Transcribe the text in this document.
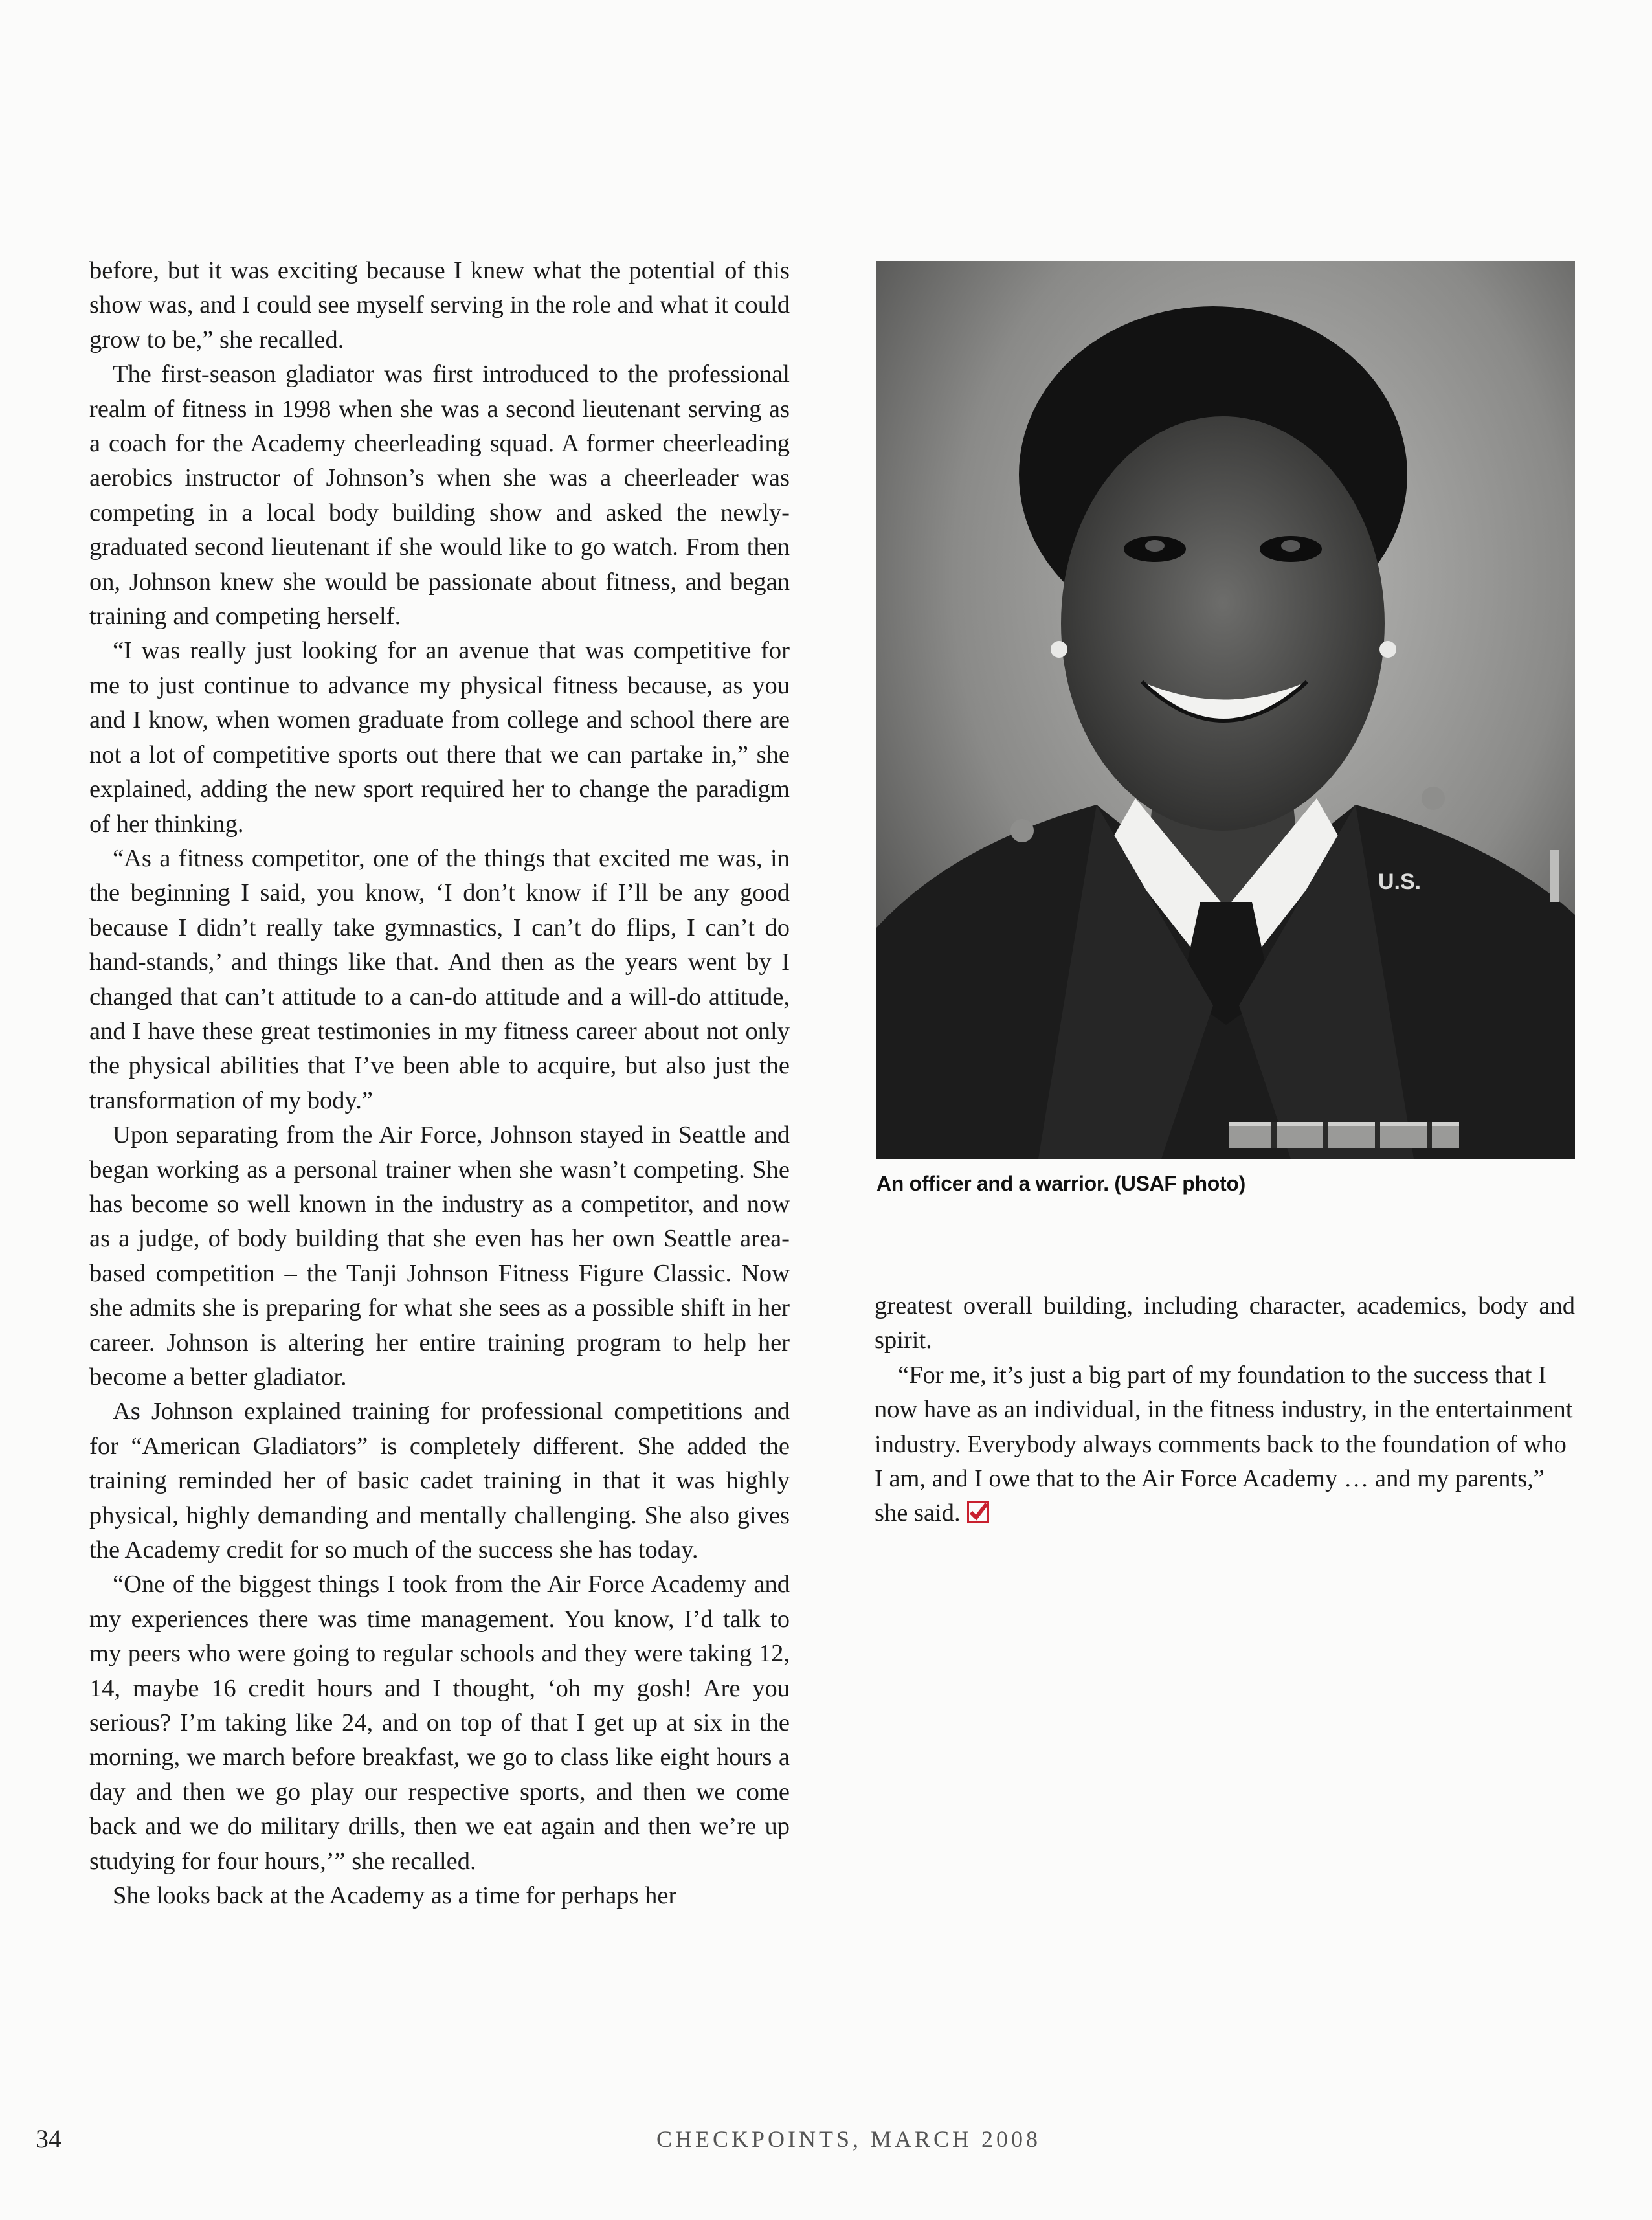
before, but it was exciting because I knew what the potential of this show was, and I could see myself serving in the role and what it could grow to be,” she recalled.

The first-season gladiator was first introduced to the professional realm of fitness in 1998 when she was a second lieutenant serving as a coach for the Academy cheerleading squad. A former cheerleading aerobics instructor of Johnson’s when she was a cheerleader was competing in a local body building show and asked the newly-graduated second lieutenant if she would like to go watch. From then on, Johnson knew she would be passionate about fitness, and began training and competing herself.

“I was really just looking for an avenue that was competitive for me to just continue to advance my physical fitness because, as you and I know, when women graduate from college and school there are not a lot of competitive sports out there that we can partake in,” she explained, adding the new sport required her to change the paradigm of her thinking.

“As a fitness competitor, one of the things that excited me was, in the beginning I said, you know, ‘I don’t know if I’ll be any good because I didn’t really take gymnastics, I can’t do flips, I can’t do hand-stands,’ and things like that. And then as the years went by I changed that can’t attitude to a can-do attitude and a will-do attitude, and I have these great testimonies in my fitness career about not only the physical abilities that I’ve been able to acquire, but also just the transformation of my body.”

Upon separating from the Air Force, Johnson stayed in Seattle and began working as a personal trainer when she wasn’t competing. She has become so well known in the industry as a competitor, and now as a judge, of body building that she even has her own Seattle area-based competition – the Tanji Johnson Fitness Figure Classic. Now she admits she is preparing for what she sees as a possible shift in her career. Johnson is altering her entire training program to help her become a better gladiator.

As Johnson explained training for professional competitions and for “American Gladiators” is completely different. She added the training reminded her of basic cadet training in that it was highly physical, highly demanding and mentally challenging. She also gives the Academy credit for so much of the success she has today.

“One of the biggest things I took from the Air Force Academy and my experiences there was time management. You know, I’d talk to my peers who were going to regular schools and they were taking 12, 14, maybe 16 credit hours and I thought, ‘oh my gosh! Are you serious? I’m taking like 24, and on top of that I get up at six in the morning, we march before breakfast, we go to class like eight hours a day and then we go play our respective sports, and then we come back and we do military drills, then we eat again and then we’re up studying for four hours,’” she recalled.

She looks back at the Academy as a time for perhaps her

U.S.
An officer and a warrior. (USAF photo)

greatest overall building, including character, academics, body and spirit.

“For me, it’s just a big part of my foundation to the success that I now have as an individual, in the fitness industry, in the entertainment industry. Everybody always comments back to the foundation of who I am, and I owe that to the Air Force Academy … and my parents,” she said.

34	CHECKPOINTS, MARCH 2008
